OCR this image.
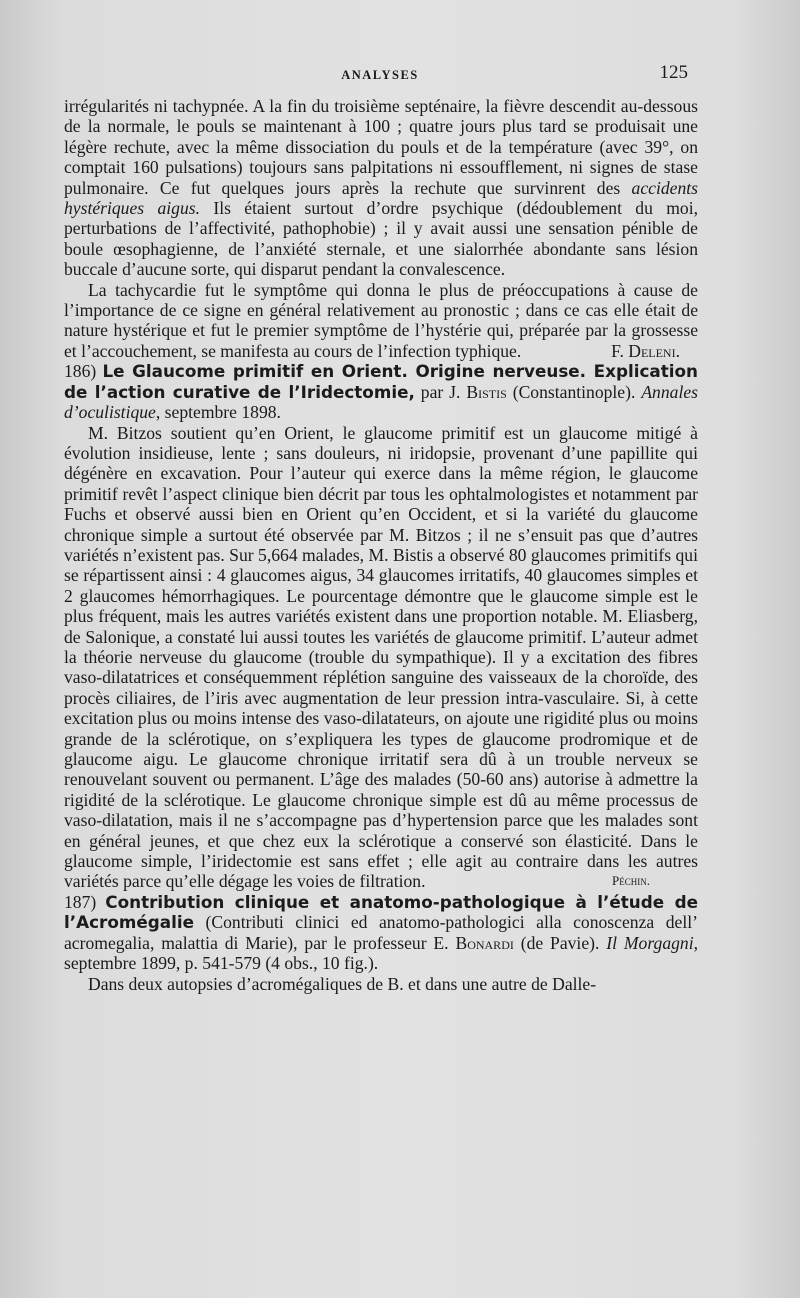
ANALYSES	125

irrégularités ni tachypnée. A la fin du troisième septénaire, la fièvre descendit au-dessous de la normale, le pouls se maintenant à 100 ; quatre jours plus tard se produisait une légère rechute, avec la même dissociation du pouls et de la température (avec 39°, on comptait 160 pulsations) toujours sans palpitations ni essoufflement, ni signes de stase pulmonaire. Ce fut quelques jours après la rechute que survinrent des accidents hystériques aigus. Ils étaient surtout d’ordre psychique (dédoublement du moi, perturbations de l’affectivité, pathophobie) ; il y avait aussi une sensation pénible de boule œsophagienne, de l’anxiété sternale, et une sialorrhée abondante sans lésion buccale d’aucune sorte, qui disparut pendant la convalescence.

La tachycardie fut le symptôme qui donna le plus de préoccupations à cause de l’importance de ce signe en général relativement au pronostic ; dans ce cas elle était de nature hystérique et fut le premier symptôme de l’hystérie qui, préparée par la grossesse et l’accouchement, se manifesta au cours de l’infection typhique.	F. Deleni.

186) Le Glaucome primitif en Orient. Origine nerveuse. Explication de l’action curative de l’Iridectomie, par J. Bistis (Constantinople). Annales d’oculistique, septembre 1898.

M. Bitzos soutient qu’en Orient, le glaucome primitif est un glaucome mitigé à évolution insidieuse, lente ; sans douleurs, ni iridopsie, provenant d’une papillite qui dégénère en excavation. Pour l’auteur qui exerce dans la même région, le glaucome primitif revêt l’aspect clinique bien décrit par tous les ophtalmologistes et notamment par Fuchs et observé aussi bien en Orient qu’en Occident, et si la variété du glaucome chronique simple a surtout été observée par M. Bitzos ; il ne s’ensuit pas que d’autres variétés n’existent pas. Sur 5,664 malades, M. Bistis a observé 80 glaucomes primitifs qui se répartissent ainsi : 4 glaucomes aigus, 34 glaucomes irritatifs, 40 glaucomes simples et 2 glaucomes hémorrhagiques. Le pourcentage démontre que le glaucome simple est le plus fréquent, mais les autres variétés existent dans une proportion notable. M. Eliasberg, de Salonique, a constaté lui aussi toutes les variétés de glaucome primitif. L’auteur admet la théorie nerveuse du glaucome (trouble du sympathique). Il y a excitation des fibres vaso-dilatatrices et conséquemment réplétion sanguine des vaisseaux de la choroïde, des procès ciliaires, de l’iris avec augmentation de leur pression intra-vasculaire. Si, à cette excitation plus ou moins intense des vaso-dilatateurs, on ajoute une rigidité plus ou moins grande de la sclérotique, on s’expliquera les types de glaucome prodromique et de glaucome aigu. Le glaucome chronique irritatif sera dû à un trouble nerveux se renouvelant souvent ou permanent. L’âge des malades (50-60 ans) autorise à admettre la rigidité de la sclérotique. Le glaucome chronique simple est dû au même processus de vaso-dilatation, mais il ne s’accompagne pas d’hypertension parce que les malades sont en général jeunes, et que chez eux la sclérotique a conservé son élasticité. Dans le glaucome simple, l’iridectomie est sans effet ; elle agit au contraire dans les autres variétés parce qu’elle dégage les voies de filtration.	Péchin.

187) Contribution clinique et anatomo-pathologique à l’étude de l’Acromégalie (Contributi clinici ed anatomo-pathologici alla conoscenza dell’ acromegalia, malattia di Marie), par le professeur E. Bonardi (de Pavie). Il Morgagni, septembre 1899, p. 541-579 (4 obs., 10 fig.).

Dans deux autopsies d’acromégaliques de B. et dans une autre de Dalle-
